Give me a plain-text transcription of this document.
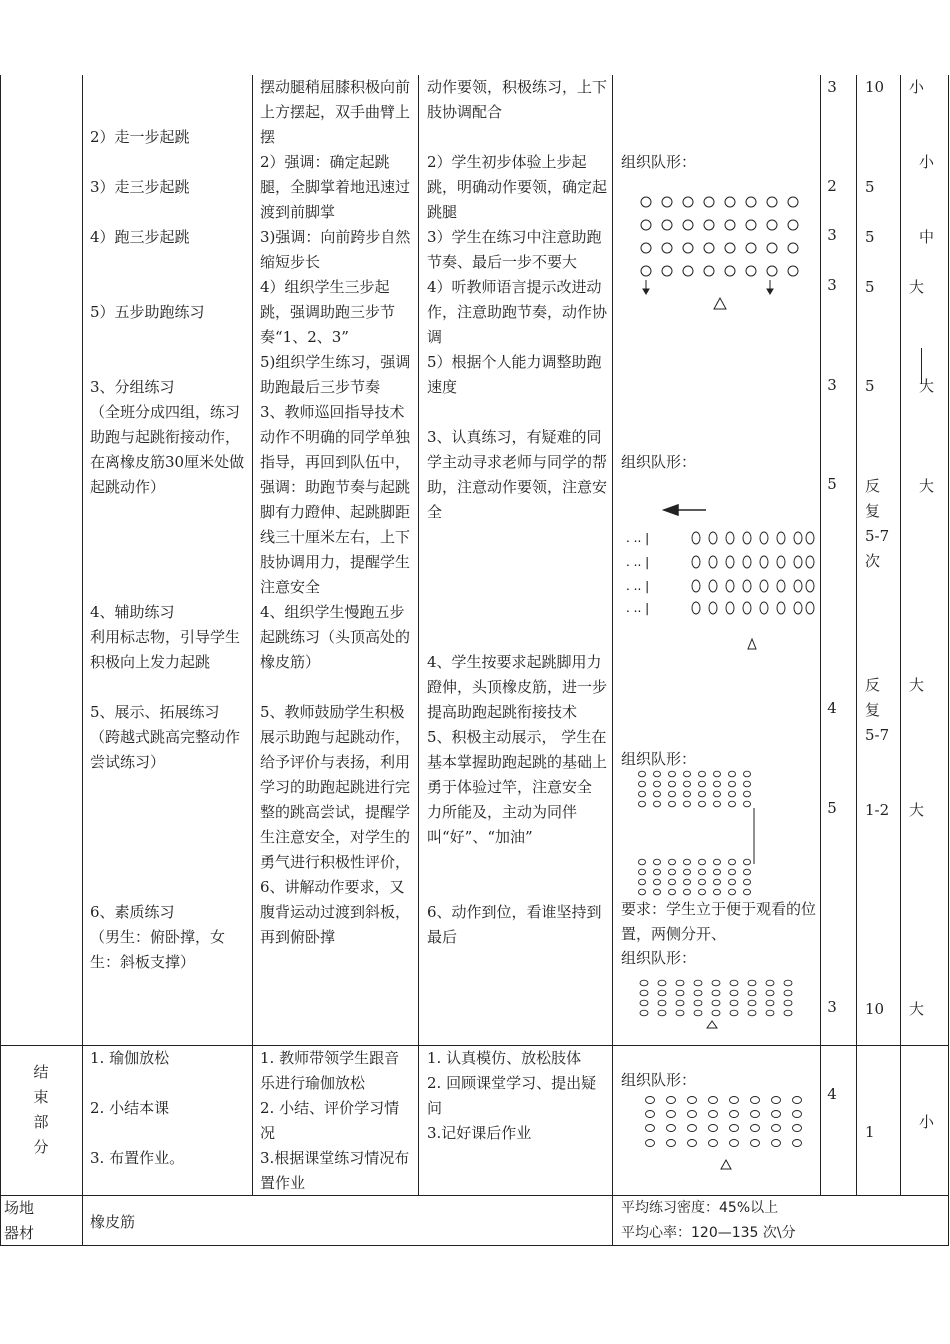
2）走一步起跳

3）走三步起跳

4）跑三步起跳

5）五步助跑练习

3、分组练习
（全班分成四组，练习 助跑与起跳衔接动作，在离橡皮筋30厘米处做起跳动作）

4、辅助练习
利用标志物，引导学生积极向上发力起跳

5、展示、拓展练习
（跨越式跳高完整动作尝试练习）

6、素质练习
（男生：俯卧撑，女生：斜板支撑）
摆动腿稍屈膝积极向前上方摆起，双手曲臂上摆
2）强调：确定起跳腿，全脚掌着地迅速过渡到前脚掌
3)强调：向前跨步自然缩短步长
4）组织学生三步起跳，强调助跑三步节奏“1、2、3”
5)组织学生练习，强调助跑最后三步节奏
3、教师巡回指导技术动作不明确的同学单独指导，再回到队伍中，强调：助跑节奏与起跳脚有力蹬伸、起跳脚距线三十厘米左右，上下肢协调用力，提醒学生注意安全
4、组织学生慢跑五步起跳练习（头顶高处的橡皮筋）

5、教师鼓励学生积极展示助跑与起跳动作，给予评价与表扬，利用学习的助跑起跳进行完整的跳高尝试，提醒学生注意安全，对学生的勇气进行积极性评价，
6、讲解动作要求，又腹背运动过渡到斜板，再到俯卧撑
动作要领，积极练习，上下肢协调配合

2）学生初步体验上步起跳，明确动作要领，确定起跳腿
3）学生在练习中注意助跑节奏、最后一步不要大
4）听教师语言提示改进动作，注意助跑节奏，动作协调
5）根据个人能力调整助跑速度

3、认真练习，有疑难的同学主动寻求老师与同学的帮助，注意动作要领，注意安全

4、学生按要求起跳脚用力蹬伸，头顶橡皮筋，进一步提高助跑起跳衔接技术
5、积极主动展示， 学生在基本掌握助跑起跳的基础上勇于体验过竿，注意安全 力所能及，主动为同伴叫“好”、“加油”

6、动作到位，看谁坚持到最后
组织队形：
组织队形：
. .. |
. .. |
. .. |
. .. |
组织队形：
要求：学生立于便于观看的位置，两侧分开、
组织队形：
3
2
3
3
3
5
4
5
3
10
5
5
5
5
反
复
5-7
次
反
复
5-7
1-2
10
小
小
中
大
大
大
大
大
大
结
束
部
分
1. 瑜伽放松

2. 小结本课

3. 布置作业。
1. 教师带领学生跟音乐进行瑜伽放松
2. 小结、评价学习情况
3.根据课堂练习情况布置作业
1. 认真模仿、放松肢体
2. 回顾课堂学习、提出疑问
3.记好课后作业
组织队形：
4
1
小
场地
器材
橡皮筋
平均练习密度：45%以上
平均心率：120—135 次\分
